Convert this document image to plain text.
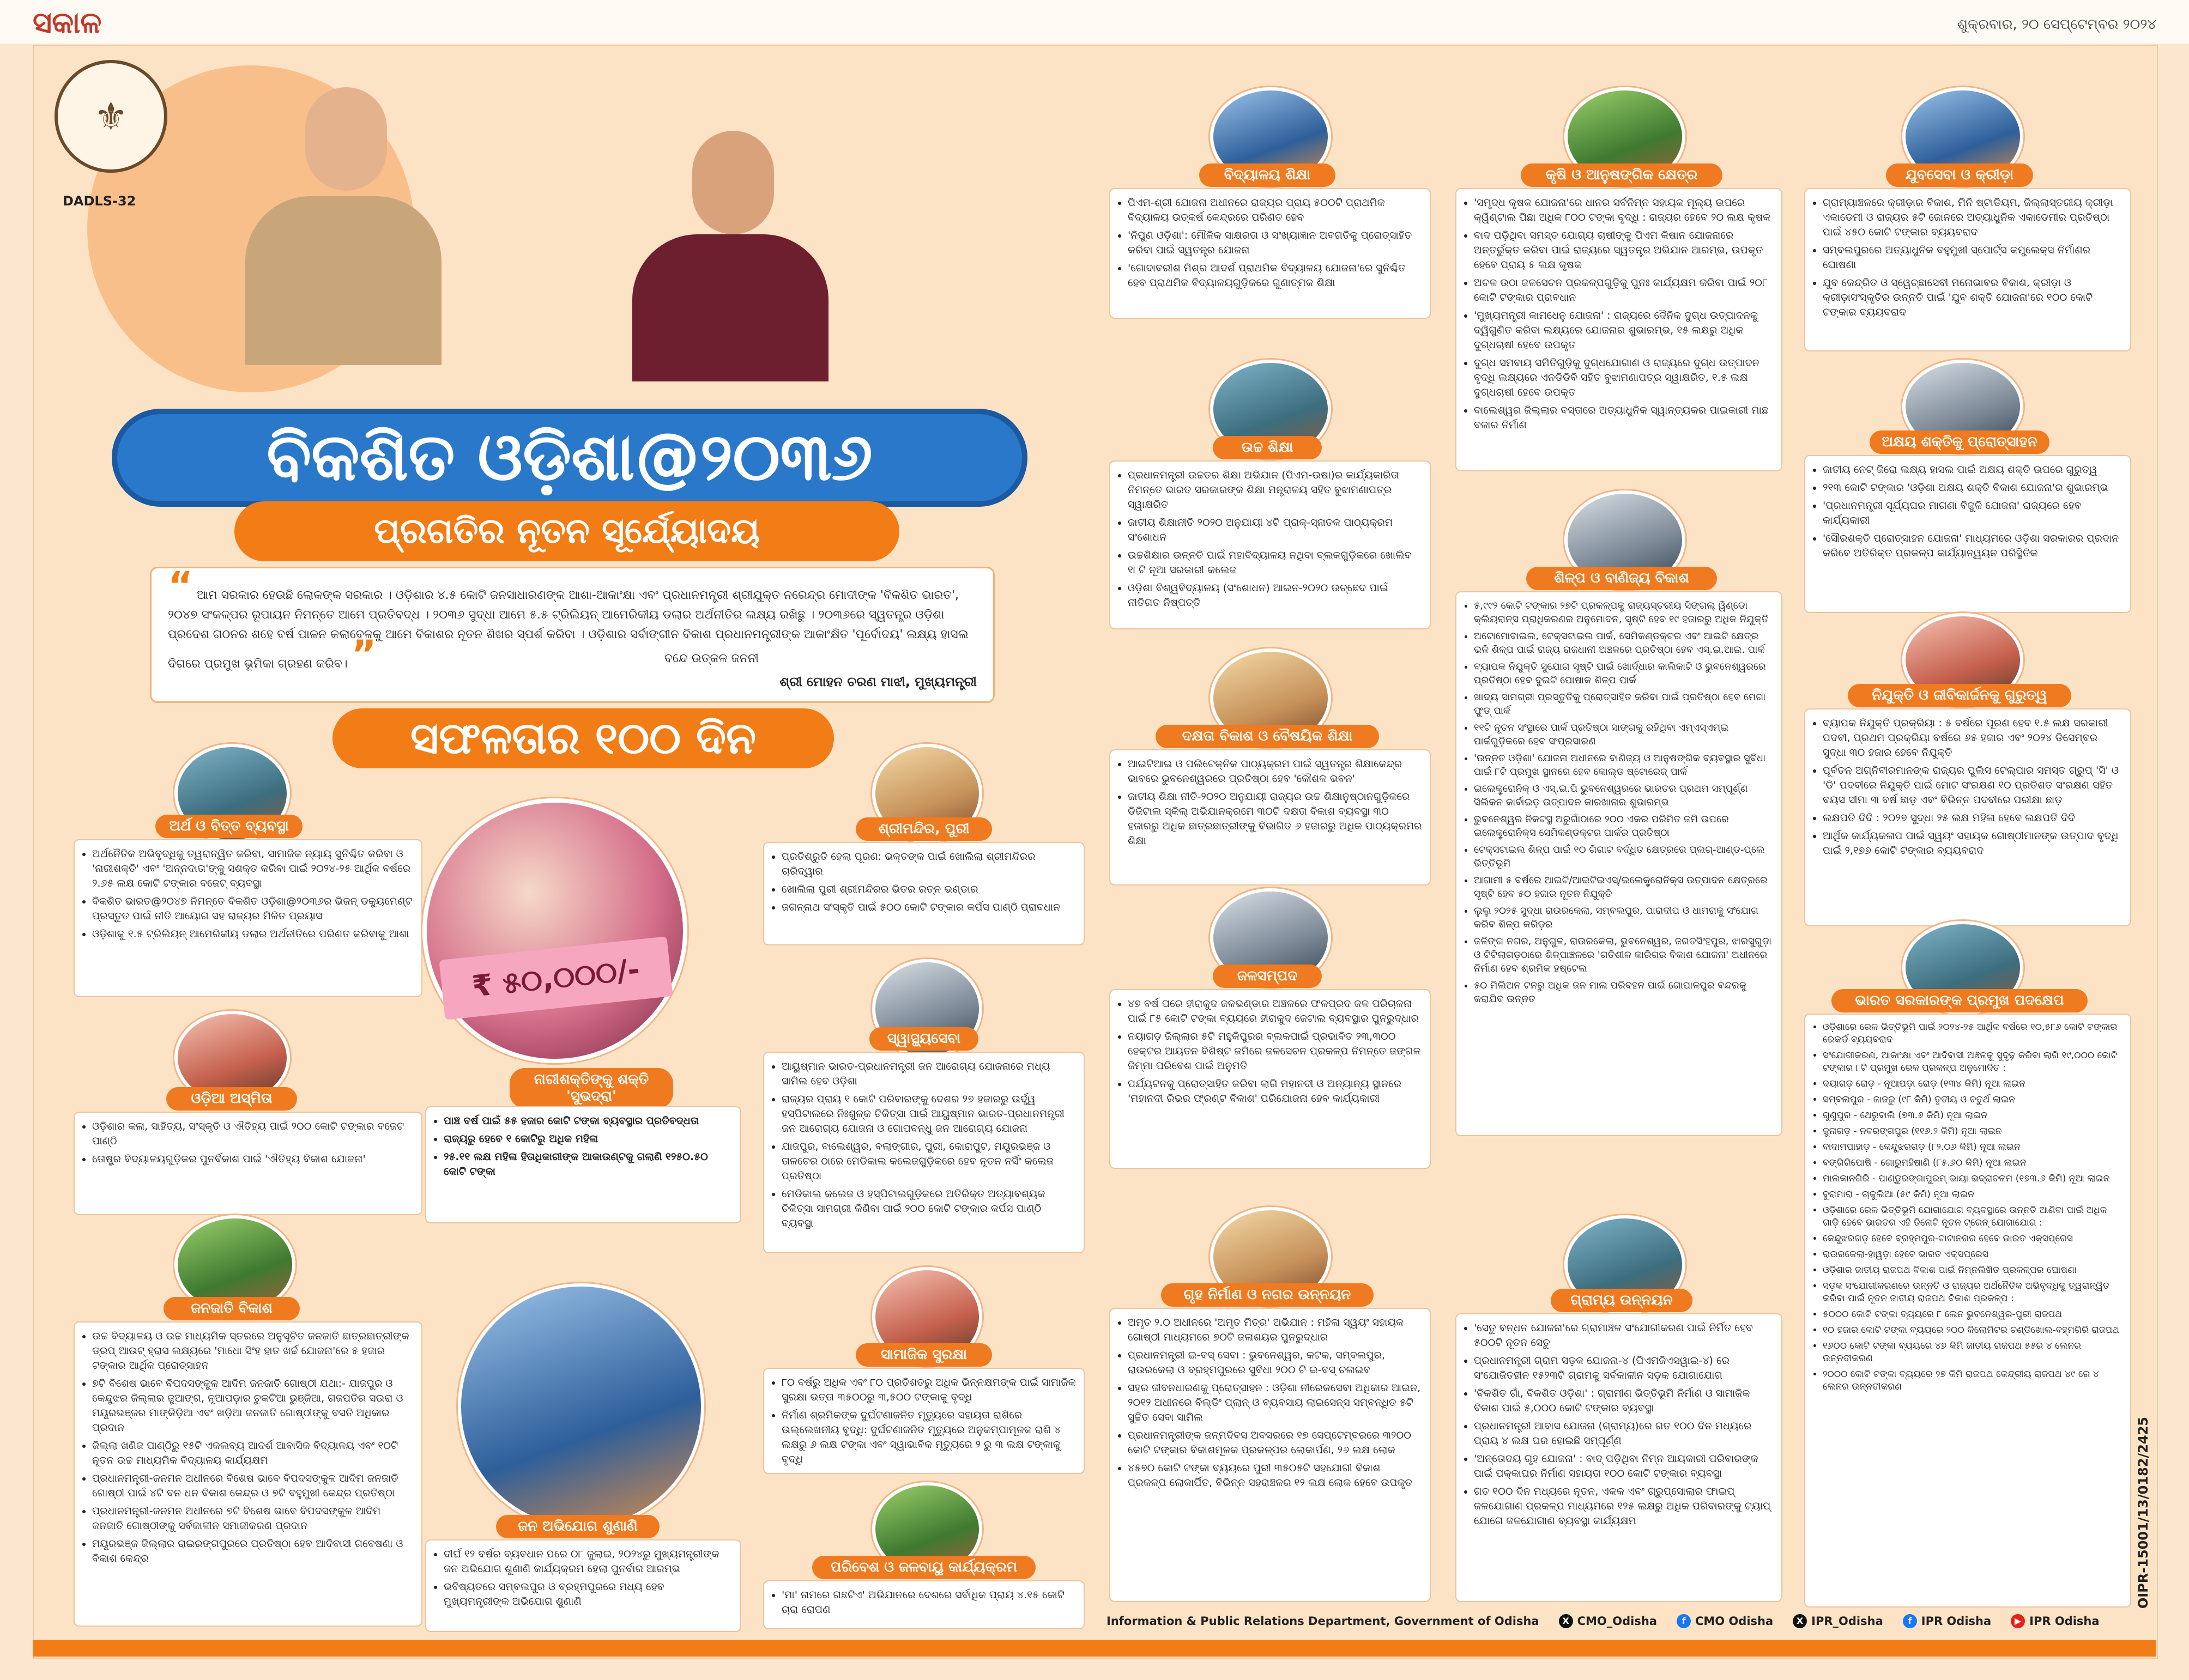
ସକାଳ	ଶୁକ୍ରବାର, ୨୦ ସେପ୍ଟେମ୍ବର ୨୦୨୪
⚜
DADLS-32
ବିକଶିତ ଓଡ଼ିଶା@୨୦୩୬
ପ୍ରଗତିର ନୂତନ ସୂର୍ଯ୍ୟୋଦୟ
“ ଆମ ସରକାର ହେଉଛି ଲୋକଙ୍କ ସରକାର । ଓଡ଼ିଶାର ୪.୫ କୋଟି ଜନସାଧାରଣଙ୍କ ଆଶା-ଆକାଂକ୍ଷା ଏବଂ ପ୍ରଧାନମନ୍ତ୍ରୀ ଶ୍ରୀଯୁକ୍ତ ନରେନ୍ଦ୍ର ମୋଦୀଙ୍କ 'ବିକଶିତ ଭାରତ', ୨୦୪୭ ସଂକଳ୍ପର ରୂପାୟନ ନିମନ୍ତେ ଆମେ ପ୍ରତିବଦ୍ଧ । ୨୦୩୬ ସୁଦ୍ଧା ଆମେ ୫.୫ ଟ୍ରିଲିୟନ୍ ଆମେରିକୀୟ ଡଲାର ଅର୍ଥନୀତିର ଲକ୍ଷ୍ୟ ରଖିଛୁ । ୨୦୩୬ରେ ସ୍ୱତନ୍ତ୍ର ଓଡ଼ିଶା ପ୍ରଦେଶ ଗଠନର ଶହେ ବର୍ଷ ପାଳନ କଲାବେଳକୁ ଆମେ ବିକାଶର ନୂତନ ଶିଖର ସ୍ପର୍ଶ କରିବା । ଓଡ଼ିଶାର ସର୍ବାଙ୍ଗୀନ ବିକାଶ ପ୍ରଧାନମନ୍ତ୍ରୀଙ୍କ ଆକାଂକ୍ଷିତ 'ପୂର୍ବୋଦୟ' ଲକ୍ଷ୍ୟ ହାସଲ ଦିଗରେ ପ୍ରମୁଖ ଭୂମିକା ଗ୍ରହଣ କରିବ। ”	ବନ୍ଦେ ଉତ୍କଳ ଜନନୀ
ଶ୍ରୀ ମୋହନ ଚରଣ ମାଝୀ, ମୁଖ୍ୟମନ୍ତ୍ରୀ
ସଫଳତାର ୧୦୦ ଦିନ
ଅର୍ଥ ଓ ବିତ୍ତ ବ୍ୟବସ୍ଥା
• ଅର୍ଥନୈତିକ ଅଭିବୃଦ୍ଧିକୁ ତ୍ୱରାନ୍ୱିତ କରିବା, ସାମାଜିକ ନ୍ୟାୟ ସୁନିଶ୍ଚିତ କରିବା ଓ 'ନାରୀଶକ୍ତି' ଏବଂ 'ଅନ୍ନଦାତା'ଙ୍କୁ ସଶକ୍ତ କରିବା ପାଇଁ ୨୦୨୪-୨୫ ଆର୍ଥିକ ବର୍ଷରେ ୨.୬୫ ଲକ୍ଷ କୋଟି ଟଙ୍କାର ବଜେଟ୍ ବ୍ୟବସ୍ଥା
• ବିକଶିତ ଭାରତ@୨୦୪୭ ନିମନ୍ତେ ବିକଶିତ ଓଡ଼ିଶା@୨୦୩୬ର ଭିଜନ୍ ଡକ୍ୟୁମେଣ୍ଟ ପ୍ରସ୍ତୁତ ପାଇଁ ନୀତି ଆୟୋଗ ସହ ରାଜ୍ୟର ମିଳିତ ପ୍ରୟାସ
• ଓଡ଼ିଶାକୁ ୧.୫ ଟ୍ରିଲିୟନ୍ ଆମେରିକୀୟ ଡଲାର ଅର୍ଥନୀତିରେ ପରିଣତ କରିବାକୁ ଆଶା
ଓଡ଼ିଆ ଅସ୍ମିତା
• ଓଡ଼ିଶାର କଳା, ସାହିତ୍ୟ, ସଂସ୍କୃତି ଓ ଐତିହ୍ୟ ପାଇଁ ୨୦୦ କୋଟି ଟଙ୍କାର ବଜେଟ ପାଣ୍ଠି
• ତୋଷ୍ଟ୍ର ବିଦ୍ୟାଳୟଗୁଡ଼ିକର ପୁନର୍ବିକାଶ ପାଇଁ 'ଐତିହ୍ୟ ବିକାଶ ଯୋଜନା'
ଜନଜାତି ବିକାଶ
• ଉଚ୍ଚ ବିଦ୍ୟାଳୟ ଓ ଉଚ୍ଚ ମାଧ୍ୟମିକ ସ୍ତରରେ ଅନୁସୂଚିତ ଜନଜାତି ଛାତ୍ରଛାତ୍ରୀଙ୍କ ଡ୍ରପ୍ ଆଉଟ୍ ହ୍ରାସ ଲକ୍ଷ୍ୟରେ 'ମାଧୋ ସିଂହ ହାତ ଖର୍ଚ୍ଚ ଯୋଜନା'ରେ ୫ ହଜାର ଟଙ୍କାର ଆର୍ଥିକ ପ୍ରୋତ୍ସାହନ
• ୭ଟି ବିଶେଷ ଭାବେ ବିପଦସଙ୍କୁଳ ଆଦିମ ଜନଜାତି ଗୋଷ୍ଠୀ ଯଥା:- ଯାଜପୁର ଓ କେନ୍ଦୁଝର ଜିଲ୍ଲାର ଜୁଆଙ୍ଗ, ନୂଆପଡ଼ାର ଚୁକଟିଆ ଭୁଞ୍ଜିଆ, ଗଜପତିର ସଉରା ଓ ମୟୂରଭଞ୍ଜର ମାଙ୍କିଡ଼ିଆ ଏବଂ ଖଡ଼ିଆ ଜନଜାତି ଗୋଷ୍ଠୀଙ୍କୁ ବସତି ଅଧିକାର ପ୍ରଦାନ
• ଜିଲ୍ଲା ଖଣିଜ ପାଣ୍ଠିରୁ ୧୫ଟି ଏକଲବ୍ୟ ଆଦର୍ଶ ଆବାସିକ ବିଦ୍ୟାଳୟ ଏବଂ ୧୦ଟି ନୂତନ ଉଚ୍ଚ ମାଧ୍ୟମିକ ବିଦ୍ୟାଳୟ କାର୍ଯ୍ୟକ୍ଷମ
• ପ୍ରଧାନମନ୍ତ୍ରୀ-ଜନମନ ଅଧୀନରେ ବିଶେଷ ଭାବେ ବିପଦସଙ୍କୁଳ ଆଦିମ ଜନଜାତି ଗୋଷ୍ଠୀ ପାଇଁ ୪ଟି ବନ ଧନ ବିକାଶ କେନ୍ଦ୍ର ଓ ୭ଟି ବହୁମୁଖୀ କେନ୍ଦ୍ର ପ୍ରତିଷ୍ଠା
• ପ୍ରଧାନମନ୍ତ୍ରୀ-ଜନମନ ଅଧୀନରେ ୭ଟି ବିଶେଷ ଭାବେ ବିପଦସଙ୍କୁଳ ଆଦିମ ଜନଜାତି ଗୋଷ୍ଠୀଙ୍କୁ ସର୍ବକାଳୀନ ସମାଜୀକରଣ ପ୍ରଦାନ
• ମୟୂରଭଞ୍ଜ ଜିଲ୍ଲାର ରାଇରଙ୍ଗପୁରରେ ପ୍ରତିଷ୍ଠା ହେବ ଆଦିବାସୀ ଗବେଷଣା ଓ ବିକାଶ କେନ୍ଦ୍ର
₹ ୫୦,୦୦୦/-
ନାରୀଶକ୍ତିଙ୍କୁ ଶକ୍ତି 'ସୁଭଦ୍ରା'
• ପାଞ୍ଚ ବର୍ଷ ପାଇଁ ୫୫ ହଜାର କୋଟି ଟଙ୍କା ବ୍ୟବସ୍ଥାର ପ୍ରତିବଦ୍ଧତା
• ରାଜ୍ୟରୁ ହେବେ ୧ କୋଟିରୁ ଅଧିକ ମହିଳା
• ୨୫.୧୧ ଲକ୍ଷ ମହିଳା ହିତାଧିକାରୀଙ୍କ ଆକାଉଣ୍ଟକୁ ଗଲାଣି ୧୨୫୦.୫୦ କୋଟି ଟଙ୍କା
ଜନ ଅଭିଯୋଗ ଶୁଣାଣି
• ଦୀର୍ଘ ୧୨ ବର୍ଷର ବ୍ୟବଧାନ ପରେ ୦୮ ଜୁଲାଇ, ୨୦୨୪ରୁ ମୁଖ୍ୟମନ୍ତ୍ରୀଙ୍କ ଜନ ଅଭିଯୋଗ ଶୁଣାଣି କାର୍ଯ୍ୟକ୍ରମ ହେଲା ପୁନର୍ବାର ଆରମ୍ଭ
• ଭବିଷ୍ୟତରେ ସମ୍ବଲପୁର ଓ ବ୍ରହ୍ମପୁରରେ ମଧ୍ୟ ହେବ ମୁଖ୍ୟମନ୍ତ୍ରୀଙ୍କ ଅଭିଯୋଗ ଶୁଣାଣି
ଶ୍ରୀମନ୍ଦିର, ପୁରୀ
• ପ୍ରତିଶ୍ରୁତି ହେଲା ପୂରଣ: ଭକ୍ତଙ୍କ ପାଇଁ ଖୋଲିଲା ଶ୍ରୀମନ୍ଦିରର ଚାରିଦ୍ୱାର
• ଖୋଲିଲା ପୁରୀ ଶ୍ରୀମନ୍ଦିରର ଭିତର ରତ୍ନ ଭଣ୍ଡାର
• ଜଗନ୍ନାଥ ସଂସ୍କୃତି ପାଇଁ ୫୦୦ କୋଟି ଟଙ୍କାର କର୍ପସ ପାଣ୍ଠି ପ୍ରାବଧାନ
ସ୍ୱାସ୍ଥ୍ୟସେବା
• ଆୟୁଷ୍ମାନ ଭାରତ-ପ୍ରଧାନମନ୍ତ୍ରୀ ଜନ ଆରୋଗ୍ୟ ଯୋଜନାରେ ମଧ୍ୟ ସାମିଲ ହେବ ଓଡ଼ିଶା
• ରାଜ୍ୟର ପ୍ରାୟ ୧ କୋଟି ପରିବାରଙ୍କୁ ଦେଶର ୨୭ ହଜାରରୁ ଉର୍ଦ୍ଧ୍ୱ ହସ୍ପିଟାଲରେ ନିଃଶୁଳ୍କ ଚିକିତ୍ସା ପାଇଁ ଆୟୁଷ୍ମାନ ଭାରତ-ପ୍ରଧାନମନ୍ତ୍ରୀ ଜନ ଆରୋଗ୍ୟ ଯୋଜନା ଓ ଗୋପବନ୍ଧୁ ଜନ ଆରୋଗ୍ୟ ଯୋଜନା
• ଯାଜପୁର, ବାଲେଶ୍ୱର, ବଲାଙ୍ଗୀର, ପୁରୀ, କୋରାପୁଟ, ମୟୂରଭଞ୍ଜ ଓ ତାଳଚେର ଠାରେ ମେଡିକାଲ କଲେଜଗୁଡ଼ିକରେ ହେବ ନୂତନ ନର୍ସିଂ କଲେଜ ପ୍ରତିଷ୍ଠା
• ମେଡିକାଲ କଲେଜ ଓ ହସ୍ପିଟାଲଗୁଡ଼ିକରେ ଅତିରିକ୍ତ ଅତ୍ୟାବଶ୍ୟକ ଚିକିତ୍ସା ସାମଗ୍ରୀ କିଣିବା ପାଇଁ ୨୦୦ କୋଟି ଟଙ୍କାର କର୍ପସ ପାଣ୍ଠି ବ୍ୟବସ୍ଥା
ସାମାଜିକ ସୁରକ୍ଷା
• ୮୦ ବର୍ଷରୁ ଅଧିକ ଏବଂ ୮୦ ପ୍ରତିଶତରୁ ଅଧିକ ଭିନ୍ନକ୍ଷମଙ୍କ ପାଇଁ ସାମାଜିକ ସୁରକ୍ଷା ଭତ୍ତା ୩୫୦୦ରୁ ୩,୫୦୦ ଟଙ୍କାକୁ ବୃଦ୍ଧି
• ନିର୍ମାଣ ଶ୍ରମିକଙ୍କ ଦୁର୍ଘଟଣାଜନିତ ମୃତ୍ୟୁରେ ସହାୟତା ରାଶିରେ ଉଲ୍ଲେଖନୀୟ ବୃଦ୍ଧି: ଦୁର୍ଘଟଣାଜନିତ ମୃତ୍ୟୁରେ ଅନୁକମ୍ପାମୂଳକ ରାଶି ୪ ଲକ୍ଷରୁ ୬ ଲକ୍ଷ ଟଙ୍କା ଏବଂ ସ୍ୱାଭାବିକ ମୃତ୍ୟୁରେ ୨ ରୁ ୩ ଲକ୍ଷ ଟଙ୍କାକୁ ବୃଦ୍ଧି
ପରିବେଶ ଓ ଜଳବାୟୁ କାର୍ଯ୍ୟକ୍ରମ
• 'ମା' ନାମରେ ଗଛଟିଏ' ଅଭିଯାନରେ ଦେଶରେ ସର୍ବାଧିକ ପ୍ରାୟ ୪.୧୫ କୋଟି ଚାରା ରୋପଣ
ବିଦ୍ୟାଳୟ ଶିକ୍ଷା
• ପିଏମ-ଶ୍ରୀ ଯୋଜନା ଅଧୀନରେ ରାଜ୍ୟର ପ୍ରାୟ ୫୦୦ଟି ପ୍ରାଥମିକ ବିଦ୍ୟାଳୟ ଉତ୍କର୍ଷ କେନ୍ଦ୍ରରେ ପରିଣତ ହେବ
• 'ନିପୁଣ ଓଡ଼ିଶା': ମୌଳିକ ସାକ୍ଷରତା ଓ ସଂଖ୍ୟାଜ୍ଞାନ ଅବଗତିକୁ ପ୍ରୋତ୍ସାହିତ କରିବା ପାଇଁ ସ୍ୱତନ୍ତ୍ର ଯୋଜନା
• 'ଗୋଦାବରୀଶ ମିଶ୍ର ଆଦର୍ଶ ପ୍ରାଥମିକ ବିଦ୍ୟାଳୟ ଯୋଜନା'ରେ ସୁନିଶ୍ଚିତ ହେବ ପ୍ରାଥମିକ ବିଦ୍ୟାଳୟଗୁଡ଼ିକରେ ଗୁଣାତ୍ମକ ଶିକ୍ଷା
ଉଚ୍ଚ ଶିକ୍ଷା
• ପ୍ରଧାନମନ୍ତ୍ରୀ ଉଚ୍ଚତର ଶିକ୍ଷା ଅଭିଯାନ (ପିଏମ-ଉଷା)ର କାର୍ଯ୍ୟକାରିତା ନିମନ୍ତେ ଭାରତ ସରକାରଙ୍କ ଶିକ୍ଷା ମନ୍ତ୍ରାଳୟ ସହିତ ବୁଝାମଣାପତ୍ର ସ୍ୱାକ୍ଷରିତ
• ଜାତୀୟ ଶିକ୍ଷାନୀତି ୨୦୨୦ ଅନୁଯାୟୀ ୪ଟି ପ୍ରାକ୍-ସ୍ନାତକ ପାଠ୍ୟକ୍ରମ ସଂଶୋଧନ
• ଉଚ୍ଚଶିକ୍ଷାର ଉନ୍ନତି ପାଇଁ ମହାବିଦ୍ୟାଳୟ ନଥିବା ବ୍ଲକଗୁଡ଼ିକରେ ଖୋଲିବ ୧୮ଟି ନୂଆ ସରକାରୀ କଲେଜ
• ଓଡ଼ିଶା ବିଶ୍ୱବିଦ୍ୟାଳୟ (ସଂଶୋଧନ) ଆଇନ-୨୦୨୦ ଉଚ୍ଛେଦ ପାଇଁ ନୀତିଗତ ନିଷ୍ପତ୍ତି
ଦକ୍ଷତା ବିକାଶ ଓ ବୈଷୟିକ ଶିକ୍ଷା
• ଆଇଟିଆଇ ଓ ପଲିଟେକ୍ନିକ ପାଠ୍ୟକ୍ରମ ପାଇଁ ସ୍ୱତନ୍ତ୍ର ଶିକ୍ଷାକେନ୍ଦ୍ର ଭାବରେ ଭୁବନେଶ୍ୱରରେ ପ୍ରତିଷ୍ଠା ହେବ 'କୌଶଳ ଭବନ'
• ଜାତୀୟ ଶିକ୍ଷା ନୀତି-୨୦୨୦ ଅନୁଯାୟୀ ରାଜ୍ୟର ଉଚ୍ଚ ଶିକ୍ଷାନୁଷ୍ଠାନଗୁଡ଼ିକରେ ଡିଜିଟାଲ ସ୍କିଲ୍ ଅଭିଯାନକ୍ରମେ ୩୦ଟି ଦକ୍ଷତା ବିକାଶ ବ୍ୟବସ୍ଥା ୩୦ ହଜାରରୁ ଅଧିକ ଛାତ୍ରଛାତ୍ରୀଙ୍କୁ ବିଭାଗିତ ୬ ହଜାରରୁ ଅଧିକ ପାଠ୍ୟକ୍ରମର ଶିକ୍ଷା
ଜଳସମ୍ପଦ
• ୪୭ ବର୍ଷ ପରେ ହୀରାକୁଦ ଜଳଭଣ୍ଡାର ଅଞ୍ଚଳରେ ଫଳପ୍ରଦ ଜଳ ପରିଚାଳନା ପାଇଁ ୮୫ କୋଟି ଟଙ୍କା ବ୍ୟୟରେ ହୀରାକୁଦ ଜେଟାଲ ବ୍ୟବସ୍ଥାର ପୁନରୁଦ୍ଧାର
• ନୟାଗଡ଼ ଜିଲ୍ଲାର ୫ଟି ମହୁକିପୁରର ବ୍ଲକପାଇଁ ପ୍ରଭାବିତ ୨୩,୩୦୦ ହେକ୍ଟର ଆୟତନ ବିଶିଷ୍ଟ ଜମିରେ ଜଳସେଚନ ପ୍ରକଳ୍ପ ନିମନ୍ତେ ଜଙ୍ଗଳ ଜିମ୍ମା ପରିବେଶ ପାଇଁ ଅନୁମତି
• ପର୍ଯ୍ୟଟନକୁ ପ୍ରୋତ୍ସାହିତ କରିବା ଲାଗି ମହାନଦୀ ଓ ଅନ୍ୟାନ୍ୟ ସ୍ଥାନରେ 'ମହାନଦୀ ରିଭର ଫ୍ରଣ୍ଟ ବିକାଶ' ପରିଯୋଜନା ହେବ କାର୍ଯ୍ୟକାରୀ
ଗୃହ ନିର୍ମାଣ ଓ ନଗର ଉନ୍ନୟନ
• ଅମୃତ ୨.୦ ଅଧୀନରେ 'ଅମୃତ ମିତ୍ର' ଅଭିଯାନ : ମହିଳା ସ୍ୱୟଂ ସହାୟକ ଗୋଷ୍ଠୀ ମାଧ୍ୟମରେ ୭୦ଟି ଜଳାଶୟର ପୁନରୁଦ୍ଧାର
• ପ୍ରଧାନମନ୍ତ୍ରୀ ଇ-ବସ୍ ସେବା : ଭୁବନେଶ୍ୱର, କଟକ, ସମ୍ବଲପୁର, ରାଉରକେଲା ଓ ବ୍ରହ୍ମପୁରରେ ସୁବିଧା ୨୦୦ ଟି ଇ-ବସ୍ ଚଳାଇବ
• ସହର ଜୀବନଧାରଣକୁ ପ୍ରୋତ୍ସାହନ : ଓଡ଼ିଶା ନୀରେକସେବା ଅଧିକାର ଆଇନ, ୨୦୧୨ ଅଧୀନରେ ବିଲ୍ଡିଂ ପ୍ଲାନ୍ ଓ ବ୍ୟବସାୟ ଲାଇସେନ୍ସ ସମ୍ବନ୍ଧିତ ୫ଟି ସୁଚ୍ଚିତ ସେବା ସାମିଲ
• ପ୍ରଧାନମନ୍ତ୍ରୀଙ୍କ ଜନ୍ମଦିବସ ଅବସରରେ ୧୭ ସେପ୍ଟେମ୍ବରରେ ୩୨୦୦ କୋଟି ଟଙ୍କାର ବିକାଶମୂଳକ ପ୍ରକଳ୍ପର ଲୋକାର୍ପଣ, ୨୬ ଲକ୍ଷ ଲୋକ
• ୪୫୭୦ କୋଟି ଟଙ୍କା ବ୍ୟୟରେ ପୁରୀ ୩୫୦୫ଟି ସହଯୋଗୀ ବିକାଶ ପ୍ରକଳ୍ପ ଲୋକାର୍ପିତ, ବିଭିନ୍ନ ସହରାଞ୍ଚଳର ୧୨ ଲକ୍ଷ ଲୋକ ହେବେ ଉପକୃତ
କୃଷି ଓ ଆନୁଷଙ୍ଗିକ କ୍ଷେତ୍ର
• 'ସମୃଦ୍ଧ କୃଷକ ଯୋଜନା'ରେ ଧାନର ସର୍ବନିମ୍ନ ସହାୟକ ମୂଲ୍ୟ ଉପରେ କ୍ୱିଣ୍ଟାଲ ପିଛା ଅଧିକ ୮୦୦ ଟଙ୍କା ବୃଦ୍ଧି : ରାଜ୍ୟର ହେବେ ୨୦ ଲକ୍ଷ କୃଷକ
• ବାଦ ପଡ଼ିଥିବା ସମସ୍ତ ଯୋଗ୍ୟ ଚାଷୀଙ୍କୁ ପିଏମ କିଷାନ ଯୋଜନାରେ ଅନ୍ତର୍ଭୁକ୍ତ କରିବା ପାଇଁ ରାଜ୍ୟରେ ସ୍ୱତନ୍ତ୍ର ଅଭିଯାନ ଆରମ୍ଭ, ଉପକୃତ ହେବେ ପ୍ରାୟ ୫ ଲକ୍ଷ କୃଷକ
• ଅଚଳ ଉଠା ଜଳସେଚନ ପ୍ରକଳ୍ପଗୁଡ଼ିକୁ ପୁନଃ କାର୍ଯ୍ୟକ୍ଷମ କରିବା ପାଇଁ ୨୦୮ କୋଟି ଟଙ୍କାର ପ୍ରାବଧାନ
• 'ମୁଖ୍ୟମନ୍ତ୍ରୀ କାମଧେନୁ ଯୋଜନା' : ରାଜ୍ୟରେ ଦୈନିକ ଦୁଗ୍ଧ ଉତ୍ପାଦନକୁ ଦ୍ୱିଗୁଣିତ କରିବା ଲକ୍ଷ୍ୟରେ ଯୋଜନାର ଶୁଭାରମ୍ଭ, ୧୫ ଲକ୍ଷରୁ ଅଧିକ ଦୁଗ୍ଧଚାଷୀ ହେବେ ଉପକୃତ
• ଦୁଗ୍ଧ ସମବାୟ ସମିତିଗୁଡ଼ିକୁ ଦୁଗ୍ଧଯୋଗାଣ ଓ ରାଜ୍ୟରେ ଦୁଗ୍ଧ ଉତ୍ପାଦନ ବୃଦ୍ଧି ଲକ୍ଷ୍ୟରେ ଏନଡିଡିବି ସହିତ ବୁଝାମଣାପତ୍ର ସ୍ୱାକ୍ଷରିତ, ୧.୫ ଲକ୍ଷ ଦୁଗ୍ଧଚାଷୀ ହେବେ ଉପକୃତ
• ବାଲେଶ୍ୱର ଜିଲ୍ଲାର ବସ୍ତାରେ ଅତ୍ୟାଧୁନିକ ସ୍ୱାନ୍ତ୍ୟକର ପାଇକାରୀ ମାଛ ବଜାର ନିର୍ମାଣ
ଶିଳ୍ପ ଓ ବାଣିଜ୍ୟ ବିକାଶ
• ୫,୯୯୨ କୋଟି ଟଙ୍କାର ୨୭ଟି ପ୍ରକଳ୍ପକୁ ରାଜ୍ୟସ୍ତରୀୟ ସିଙ୍ଗଲ୍ ୱିଣ୍ଡୋ କ୍ଲିୟରାନ୍ସ ପ୍ରାଧିକରଣର ଅନୁମୋଦନ, ସୃଷ୍ଟି ହେବ ୧୯ ହଜାରରୁ ଅଧିକ ନିଯୁକ୍ତି
• ଅଟୋମୋବାଇଲ, ଟେକ୍ସଟାଇଲ ପାର୍କ, ସେମିକଣ୍ଡକ୍ଟର ଏବଂ ଆଇଟି କ୍ଷେତ୍ର ଭଳି ଶିଳ୍ପ ପାଇଁ ରାଜ୍ୟ ରାଜଧାନୀ ଅଞ୍ଚଳରେ ପ୍ରତିଷ୍ଠା ହେବ ଏସ୍.ଇ.ଆଇ. ପାର୍କ
• ବ୍ୟାପକ ନିଯୁକ୍ତି ସୁଯୋଗ ସୃଷ୍ଟି ପାଇଁ ଖୋର୍ଦ୍ଧାର କାଲିକାଟି ଓ ଭୁବନେଶ୍ୱରରେ ପ୍ରତିଷ୍ଠା ହେବ ଦୁଇଟି ପୋଷାକ ଶିଳ୍ପ ପାର୍କ
• ଖାଦ୍ୟ ସାମଗ୍ରୀ ପ୍ରସ୍ତୁତିକୁ ପ୍ରୋତ୍ସାହିତ କରିବା ପାଇଁ ପ୍ରତିଷ୍ଠା ହେବ ମେଗା ଫୁଡ୍ ପାର୍କ
• ୧୧ଟି ନୂତନ ସଂସ୍ଥାରେ ପାର୍କ ପ୍ରତିଷ୍ଠା ସାଙ୍ଗକୁ ରହିଥିବା ଏମ୍‌ଏସ୍‌ଏମ୍‌ଇ ପାର୍କଗୁଡ଼ିକରେ ହେବ ସଂପ୍ରସାରଣ
• 'ଉନ୍ନତ ଓଡ଼ିଶା' ଯୋଜନା ଅଧୀନରେ ବାଣିଜ୍ୟ ଓ ଆନୁଷଙ୍ଗିକ ବ୍ୟବସ୍ଥାର ସୁବିଧା ପାଇଁ ୮ଟି ପ୍ରମୁଖ ସ୍ଥାନରେ ହେବ କୋଲ୍ଡ ଷ୍ଟୋରେଜ୍ ପାର୍କ
• ଇଲେକ୍ଟ୍ରୋନିକ୍ ଓ ଏସ୍‌.ଇ.ପି ଭୁବନେଶ୍ୱରରେ ଭାରତର ପ୍ରଥମ ସମ୍ପୂର୍ଣ୍ଣ ସିଲିକନ କାର୍ବାଇଡ଼ ଉତ୍ପାଦନ କାରଖାନାର ଶୁଭାରମ୍ଭ
• ଭୁବନେଶ୍ୱର ନିକଟସ୍ଥ ଅରୁଗାଁଠାରେ ୨୦୦ ଏକର ପରିମିତ ଜମି ଉପରେ ଇଲେକ୍ଟ୍ରୋନିକ୍ସ ସେମିକଣ୍ଡକ୍ଟର ପାର୍କର ପ୍ରତିଷ୍ଠା
• ଟେକ୍ସଟାଇଲ ଶିଳ୍ପ ପାଇଁ ୧୦ ଗିଗାଟ ବର୍ଦ୍ଧିତ କ୍ଷେତ୍ରରେ ପ୍ଲଗ୍-ଆଣ୍ଡ-ପ୍ଲେ ଭିତ୍ତିଭୂମି
• ଆଗାମୀ ୫ ବର୍ଷରେ ଆଇଟି/ଆଇଟିଇଏସ୍/ଇଲେକ୍ଟ୍ରୋନିକ୍ସ ଉତ୍ପାଦନ କ୍ଷେତ୍ରରେ ସୃଷ୍ଟି ହେବ ୫୦ ହଜାର ନୂତନ ନିଯୁକ୍ତି
• ଲୁଲୁ ୨୦୨୫ ସୁଦ୍ଧା ରାଉରକେଲା, ସମ୍ବଲପୁର, ପାରାଦୀପ ଓ ଧାମରାକୁ ସଂଯୋଗ କରିବ ଶିଳ୍ପ କରିଡ଼ର
• ଜଳିଙ୍ଗ ନଗର, ଅନୁଗୁଳ, ରାଉରକେଲା, ଭୁବନେଶ୍ୱର, ଜଗତସିଂହପୁର, ଝାରସୁଗୁଡ଼ା ଓ ଟିଟିଲାଗଡ଼ଠାରେ ଶିଳ୍ପାଞ୍ଚଳରେ 'ଗତିଶୀଳ କାରିଗର ବିକାଶ ଯୋଜନା' ଅଧୀନରେ ନିର୍ମାଣ ହେବ ଶ୍ରମିକ ହଷ୍ଟେଲ
• ୫୦ ମିଲିଅନ ଟନରୁ ଅଧିକ ଜନ ମାଲ ପରିବହନ ପାଇଁ ଗୋପାଳପୁର ବନ୍ଦରକୁ କରାଯିବ ଉନ୍ନତ
ଗ୍ରାମ୍ୟ ଉନ୍ନୟନ
• 'ସେତୁ ବନ୍ଧନ ଯୋଜନା'ରେ ଗ୍ରାମାଞ୍ଚଳ ସଂଯୋଗୀକରଣ ପାଇଁ ନିର୍ମିତ ହେବ ୫୦୦ଟି ନୂତନ ସେତୁ
• ପ୍ରଧାନମନ୍ତ୍ରୀ ଗ୍ରାମ ସଡ଼କ ଯୋଜନା-୪ (ପିଏମଜିଏସୱାଇ-୪) ରେ ସଂଯୋଜିତହୀନ ୧୫୨୩ଟି ଗ୍ରାମକୁ ସର୍ବକାଳୀନ ସଡ଼କ ଯୋଗାଯୋଗ
• 'ବିକଶିତ ଗାଁ, ବିକଶିତ ଓଡ଼ିଶା' : ଗ୍ରାମୀଣ ଭିତ୍ତିଭୂମି ନିର୍ମାଣ ଓ ସାମାଜିକ ବିକାଶ ପାଇଁ ୫,୦୦୦ କୋଟି ଟଙ୍କାର ବ୍ୟବସ୍ଥା
• ପ୍ରଧାନମନ୍ତ୍ରୀ ଆବାସ ଯୋଜନା (ଗ୍ରାମ୍ୟ)ରେ ଗତ ୧୦୦ ଦିନ ମଧ୍ୟରେ ପ୍ରାୟ ୪ ଲକ୍ଷ ଘର ହୋଇଛି ସମ୍ପୂର୍ଣ୍ଣ
• 'ଅନ୍ତୋଦୟ ଗୃହ ଯୋଜନା' : ବାଦ୍ ପଡ଼ିଥିବା ନିମ୍ନ ଆୟକାରୀ ପରିବାରଙ୍କ ପାଇଁ ପକ୍କାଘର ନିର୍ମାଣ ସହାୟତା ୧୦୦ କୋଟି ଟଙ୍କାର ବ୍ୟବସ୍ଥା
• ଗତ ୧୦୦ ଦିନ ମଧ୍ୟରେ ନୂତନ, ଏକକ ଏବଂ ଗ୍ରୁପ୍‌ସୋଲାର ଫାଇପ୍ ଜଳଯୋଗାଣ ପ୍ରକଳ୍ପ ମାଧ୍ୟମରେ ୧୨୫ ଲକ୍ଷରୁ ଅଧିକ ପରିବାରଙ୍କୁ ଟ୍ୟାପ୍ ଯୋଗେ ଜଳଯୋଗାଣ ବ୍ୟବସ୍ଥା କାର୍ଯ୍ୟକ୍ଷମ
ଯୁବସେବା ଓ କ୍ରୀଡ଼ା
• ଗ୍ରାମ୍ୟାଞ୍ଚଳରେ କ୍ରୀଡ଼ାର ବିକାଶ, ମିନି ଷ୍ଟାଡିୟମ, ଜିଲ୍ଲାସ୍ତରୀୟ କ୍ରୀଡ଼ା ଏକାଡେମୀ ଓ ରାଜ୍ୟର ୫ଟି ଜୋନରେ ଅତ୍ୟାଧୁନିକ ଏକାଡେମୀର ପ୍ରତିଷ୍ଠା ପାଇଁ ୪୫୦ କୋଟି ଟଙ୍କାର ବ୍ୟୟବରାଦ
• ସମ୍ବଲପୁରରେ ଅତ୍ୟାଧୁନିକ ବହୁମୁଖୀ ସ୍ପୋର୍ଟ୍ସ କମ୍ପ୍ଲେକ୍ସ ନିର୍ମାଣର ଘୋଷଣା
• ଯୁବ କେନ୍ଦ୍ରିତ ଓ ସ୍ୱେଚ୍ଛାସେବୀ ମନୋଭାବର ବିକାଶ, କ୍ରୀଡ଼ା ଓ କ୍ରୀଡ଼ାସଂସ୍କୃତିର ଉନ୍ନତି ପାଇଁ 'ଯୁବ ଶକ୍ତି ଯୋଜନା'ରେ ୧୦୦ କୋଟି ଟଙ୍କାର ବ୍ୟୟବରାଦ
ଅକ୍ଷୟ ଶକ୍ତିକୁ ପ୍ରୋତ୍ସାହନ
• ଜାତୀୟ ନେଟ୍ ଜିରୋ ଲକ୍ଷ୍ୟ ହାସଲ ପାଇଁ ଅକ୍ଷୟ ଶକ୍ତି ଉପରେ ଗୁରୁତ୍ୱ
• ୨୧୩ କୋଟି ଟଙ୍କାର 'ଓଡ଼ିଶା ଅକ୍ଷୟ ଶକ୍ତି ବିକାଶ ଯୋଜନା'ର ଶୁଭାରମ୍ଭ
• 'ପ୍ରଧାନମନ୍ତ୍ରୀ ସୂର୍ଯ୍ୟଘର ମାଗଣା ବିଜୁଳି ଯୋଜନା' ରାଜ୍ୟରେ ହେବ କାର୍ଯ୍ୟକାରୀ
• 'ସୌରଶକ୍ତି ପ୍ରୋତ୍ସାହନ ଯୋଜନା' ମାଧ୍ୟମରେ ଓଡ଼ିଶା ସରକାରର ପ୍ରଦାନ କରିବେ ଅତିରିକ୍ତ ପ୍ରକଳ୍ପ କାର୍ଯ୍ୟାନ୍ୱୟନ ପରିସ୍ଥିତିକ
ନିଯୁକ୍ତି ଓ ଜୀବିକାର୍ଜନକୁ ଗୁରୁତ୍ୱ
• ବ୍ୟାପକ ନିଯୁକ୍ତି ପ୍ରକ୍ରିୟା : ୫ ବର୍ଷରେ ପୂରଣ ହେବ ୧.୫ ଲକ୍ଷ ସରକାରୀ ପଦବୀ, ପ୍ରଥମ ପ୍ରକ୍ରିୟା ବର୍ଷରେ ୬୫ ହଜାର ଏବଂ ୨୦୨୪ ଡିସେମ୍ବର ସୁଦ୍ଧା ୩୦ ହଜାର ହେବେ ନିଯୁକ୍ତି
• ପୂର୍ବତନ ଅଗ୍ନିବୀରମାନଙ୍କ ରାଜ୍ୟର ପୁଲିସ ଟେଲ୍‌ପାର ସମସ୍ତ ଗ୍ରୁପ୍ 'ସି' ଓ 'ଡି' ପଦବୀରେ ନିଯୁକ୍ତି ପାଇଁ ମୋଟ ସଂରକ୍ଷଣ ୧୦ ପ୍ରତିଶତ ସଂରକ୍ଷଣ ସହିତ ବୟସ ସୀମା ୩ ବର୍ଷ ଛାଡ଼ ଏବଂ ବିଭିନ୍ନ ପଦବୀରେ ପରୀକ୍ଷା ଛାଡ଼
• ଲକ୍ଷପତି ଦିଦି : ୨୦୨୭ ସୁଦ୍ଧା ୨୫ ଲକ୍ଷ ମହିଳା ହେବେ ଲକ୍ଷପତି ଦିଦି
• ଆର୍ଥିକ କାର୍ଯ୍ୟକଳାପ ପାଇଁ ସ୍ୱୟଂ ସହାୟକ ଗୋଷ୍ଠୀମାନଙ୍କ ଉତ୍ପାଦ ବୃଦ୍ଧି ପାଇଁ ୨,୧୭୭ କୋଟି ଟଙ୍କାର ବ୍ୟୟବରାଦ
ଭାରତ ସରକାରଙ୍କ ପ୍ରମୁଖ ପଦକ୍ଷେପ
• ଓଡ଼ିଶାରେ ରେଳ ଭିତ୍ତିଭୂମି ପାଇଁ ୨୦୨୪-୨୫ ଆର୍ଥିକ ବର୍ଷରେ ୧୦,୫୮୬ କୋଟି ଟଙ୍କାର ରେକର୍ଡ ବ୍ୟୟବରାଦ
• ସଂଯୋଗୀକରଣ, ଆକାଂକ୍ଷା ଏବଂ ଆଦିବାସୀ ଅଞ୍ଚଳକୁ ସୁଦୃଢ଼ କରିବା ଲାଗି ୧୯,୦୦୦ କୋଟି ଟଙ୍କାର ୮ଟି ପ୍ରମୁଖ ରେଳ ପ୍ରକଳ୍ପ ଅନୁମୋଦିତ :
• ଦୟାଗଡ଼ ରୋଡ଼ - ନୂଆପଡ଼ା ରୋଡ଼ (୧୩୪ କିମି) ନୂଆ ଲାଇନ
• ସମ୍ବଲପୁର - ଜାଜରୁ (୯୮ କିମି) ତୃତୀୟ ଓ ଚତୁର୍ଥ ଲାଇନ
• ଗୁଣୁପୁର - ଥେରୁବାଲି (୭୩.୬ କିମି) ନୂଆ ଲାଇନ
• ଜୁନାଗଡ଼ - ନବରଙ୍ଗପୁର (୧୧୬.୨ କିମି) ନୂଆ ଲାଇନ
• ବାଦାମପାହାଡ଼ - କେନ୍ଦୁଝରଗଡ଼ (୮୨.୦୬ କିମି) ନୂଆ ଲାଇନ
• ବଙ୍ଗିରିପୋଷି - ଗୋରୁମହିଷାଣି (୮୫.୬୦ କିମି) ନୂଆ ଲାଇନ
• ମାଲକାନଗିରି - ପାଣ୍ଡୁରଙ୍ଗାପୁରମ୍ ଭାୟା ଭଦ୍ରାଚଳମ (୧୭୩.୬ କିମି) ନୂଆ ଲାଇନ
• ବୁରାମାରା - ଚାକୁଲିଆ (୫୯ କିମି) ନୂଆ ଲାଇନ
• ଓଡ଼ିଶାରେ ରେଳ ଭିତ୍ତିଭୂମି ଯୋଗାଯୋଗ ବ୍ୟବସ୍ଥାରେ ଉନ୍ନତି ଆଣିବା ପାଇଁ ଅଧିକ ଗାଡ଼ି ହେବେ ଭାରତର ଏହି ତିନୋଟି ନୂତନ ଟ୍ରେନ୍ ଯୋଗାଯୋଗ :
• କେନ୍ଦୁଝରଗଡ଼ ହେବେ ବ୍ରହ୍ମପୁର-ଟାଟାନଗର ହେବେ ଭାରତ ଏକ୍ସପ୍ରେସ
• ରାଉରକେଲା-ହାୱଡ଼ା ହେବେ ଭାରତ ଏକ୍ସପ୍ରେସ
• ଓଡ଼ିଶାର ଜାତୀୟ ରାଜପଥ ବିକାଶ ପାଇଁ ନିମ୍ନଲିଖିତ ପ୍ରକଳ୍ପର ଘୋଷଣା
• ସଡ଼କ ସଂଯୋଗୀକରଣରେ ଉନ୍ନତି ଓ ରାଜ୍ୟର ଅର୍ଥନୈତିକ ଅଭିବୃଦ୍ଧିକୁ ତ୍ୱରାନ୍ୱିତ କରିବା ପାଇଁ ନୂତନ ଜାତୀୟ ରାଜପଥ ବିକାଶ ପ୍ରକଳ୍ପ :
• ୫୦୦୦ କୋଟି ଟଙ୍କା ବ୍ୟୟରେ ୮ ଲେନ ଭୁବନେଶ୍ୱର-ପୁରୀ ରାଜପଥ
• ୧୦ ହଜାର କୋଟି ଟଙ୍କା ବ୍ୟୟରେ ୨୦୦ କିଲୋମିଟର ଚଣ୍ଡିଖୋଲ-ବହ୍ମଗିରି ରାଜପଥ
• ୧୬୦୦ କୋଟି ଟଙ୍କା ବ୍ୟୟରେ ୪୭ କିମି ଜାତୀୟ ରାଜପଥ ୫୫ର ୪ ଲେନର ଉନ୍ନତୀକରଣ
• ୨୦୦୦ କୋଟି ଟଙ୍କା ବ୍ୟୟରେ ୨୭ କିମି ରାଜପଥ କେନ୍ଦ୍ରୀୟ ରାଜପଥ ୪୯ ରେ ୪ ଲେନର ଉନ୍ନତୀକରଣ
OIPR-15001/13/0182/2425
Information & Public Relations Department, Government of Odisha	X CMO_Odisha	f CMO Odisha	X IPR_Odisha	f IPR Odisha	▶ IPR Odisha
